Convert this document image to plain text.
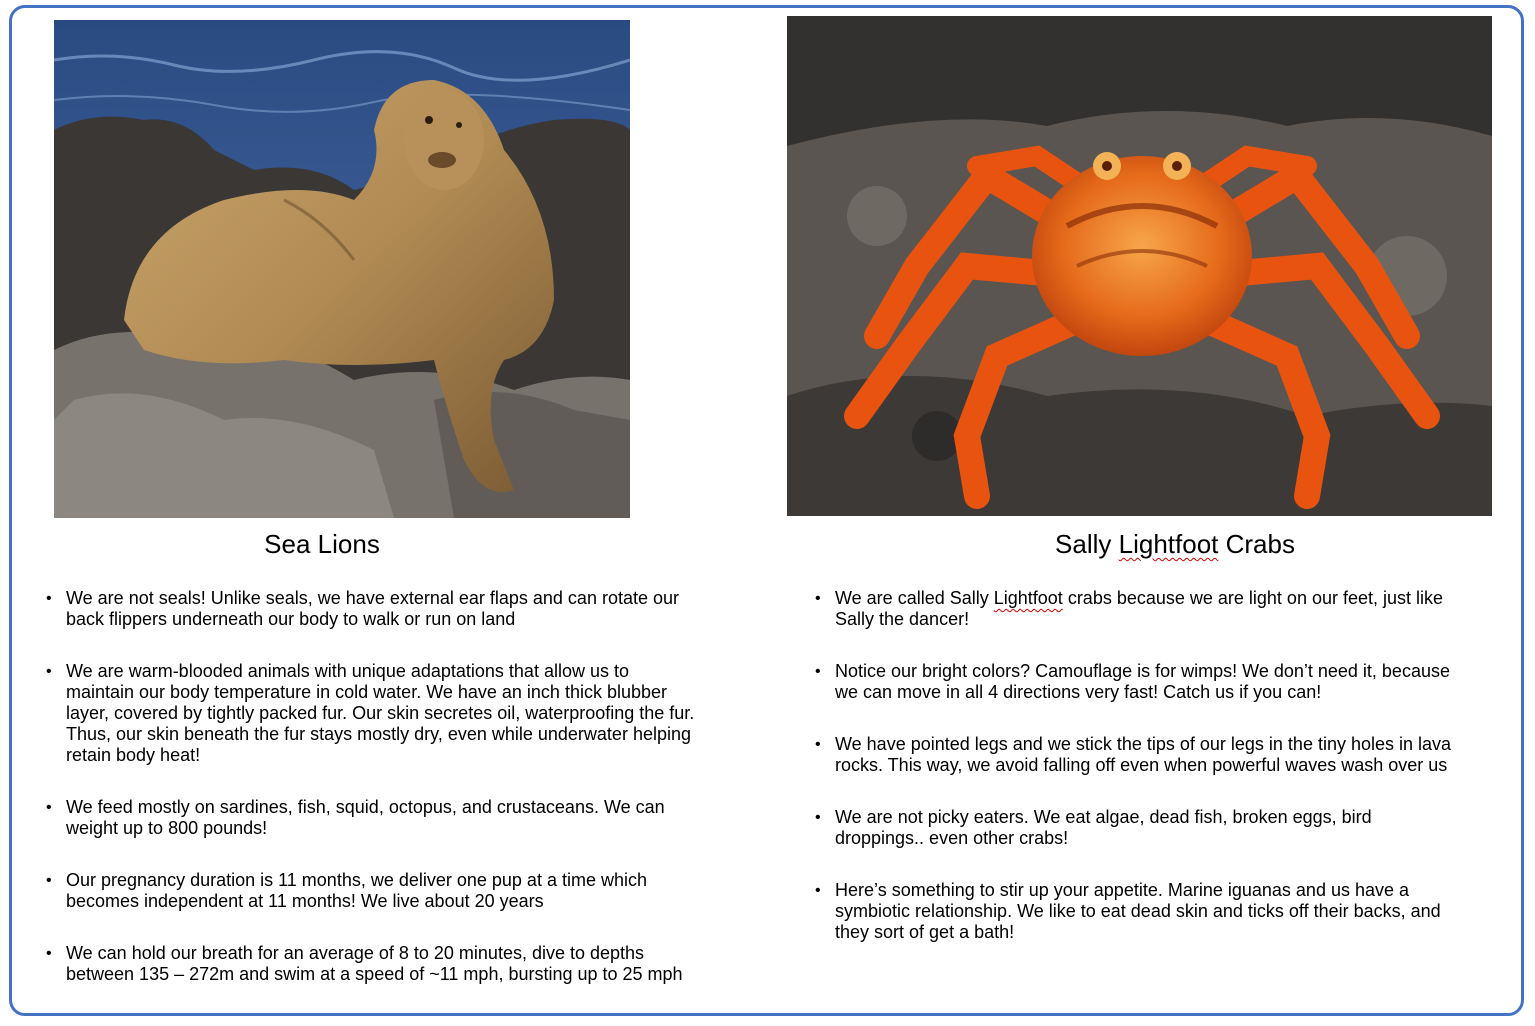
Sea Lions
• We are not seals! Unlike seals, we have external ear flaps and can rotate our back flippers underneath our body to walk or run on land
• We are warm-blooded animals with unique adaptations that allow us to maintain our body temperature in cold water. We have an inch thick blubber layer, covered by tightly packed fur. Our skin secretes oil, waterproofing the fur. Thus, our skin beneath the fur stays mostly dry, even while underwater helping retain body heat!
• We feed mostly on sardines, fish, squid, octopus, and crustaceans. We can weight up to 800 pounds!
• Our pregnancy duration is 11 months, we deliver one pup at a time which becomes independent at 11 months! We live about 20 years
• We can hold our breath for an average of 8 to 20 minutes, dive to depths between 135 – 272m and swim at a speed of ~11 mph, bursting up to 25 mph
Sally Lightfoot Crabs
• We are called Sally Lightfoot crabs because we are light on our feet, just like Sally the dancer!
• Notice our bright colors? Camouflage is for wimps! We don’t need it, because we can move in all 4 directions very fast! Catch us if you can!
• We have pointed legs and we stick the tips of our legs in the tiny holes in lava rocks. This way, we avoid falling off even when powerful waves wash over us
• We are not picky eaters. We eat algae, dead fish, broken eggs, bird droppings.. even other crabs!
• Here’s something to stir up your appetite. Marine iguanas and us have a symbiotic relationship. We like to eat dead skin and ticks off their backs, and they sort of get a bath!
